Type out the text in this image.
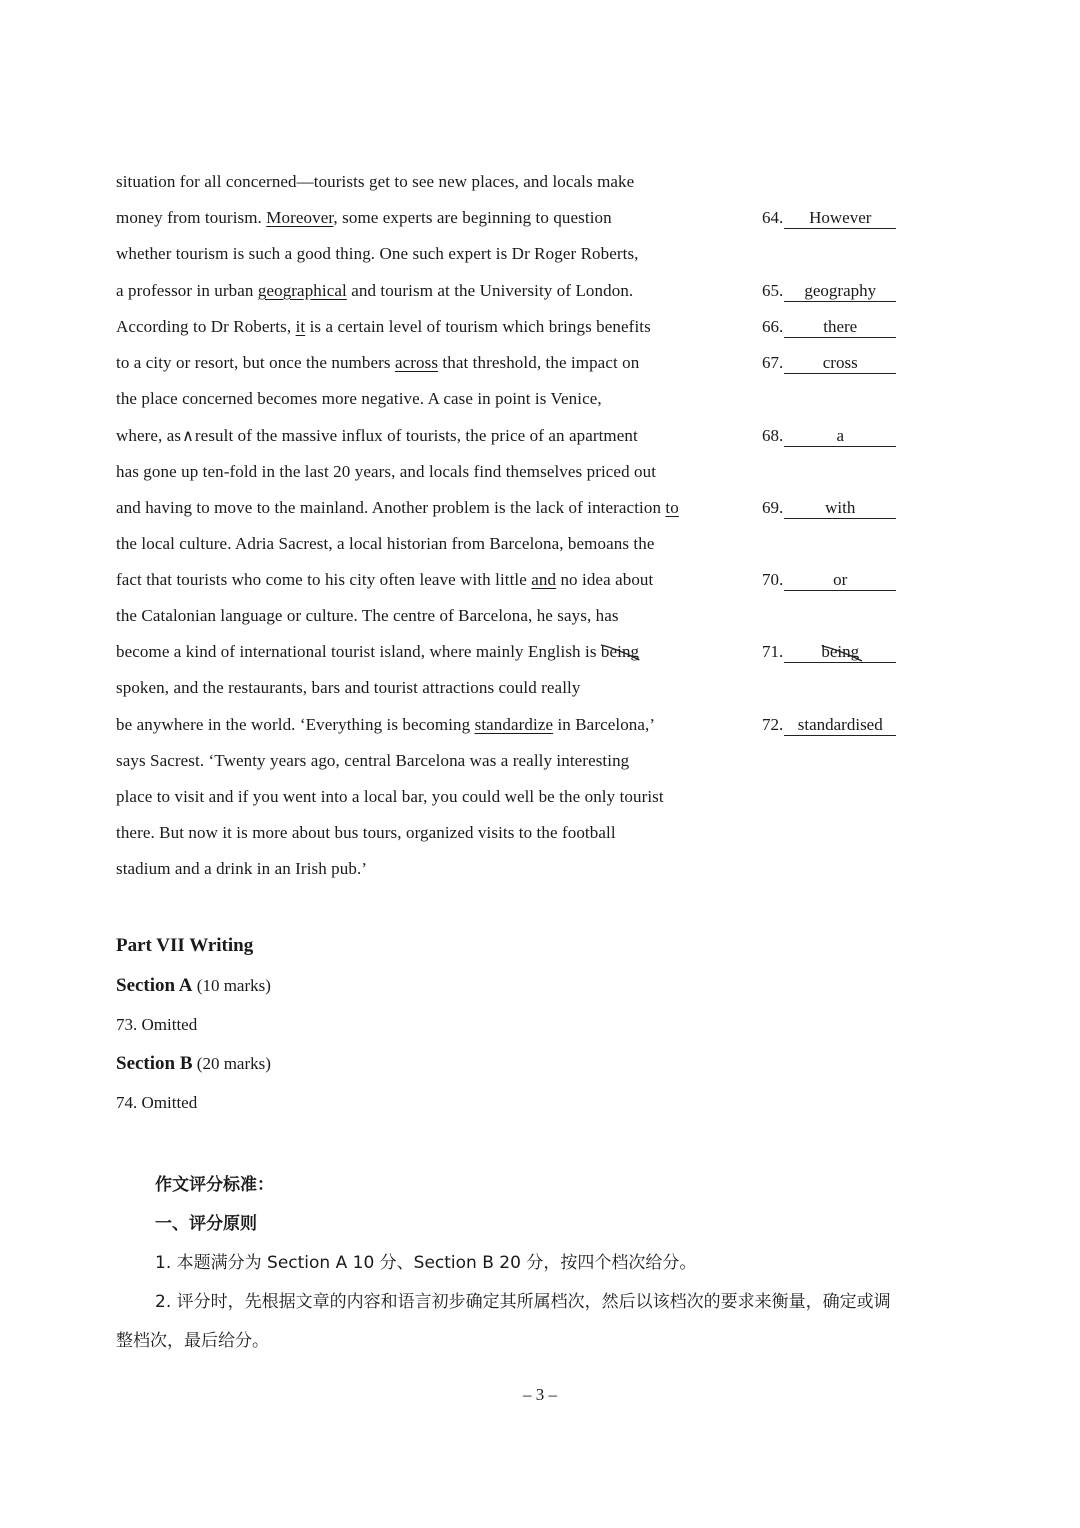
situation for all concerned—tourists get to see new places, and locals make
money from tourism. Moreover, some experts are beginning to question
whether tourism is such a good thing. One such expert is Dr Roger Roberts,
a professor in urban geographical and tourism at the University of London.
According to Dr Roberts, it is a certain level of tourism which brings benefits
to a city or resort, but once the numbers across that threshold, the impact on
the place concerned becomes more negative. A case in point is Venice,
where, as∧result of the massive influx of tourists, the price of an apartment
has gone up ten-fold in the last 20 years, and locals find themselves priced out
and having to move to the mainland. Another problem is the lack of interaction to
the local culture. Adria Sacrest, a local historian from Barcelona, bemoans the
fact that tourists who come to his city often leave with little and no idea about
the Catalonian language or culture. The centre of Barcelona, he says, has
become a kind of international tourist island, where mainly English is being
spoken, and the restaurants, bars and tourist attractions could really
be anywhere in the world. ‘Everything is becoming standardize in Barcelona,’
says Sacrest. ‘Twenty years ago, central Barcelona was a really interesting
place to visit and if you went into a local bar, you could well be the only tourist
there. But now it is more about bus tours, organized visits to the football
stadium and a drink in an Irish pub.’
64. However
65. geography
66. there
67. cross
68.	a
69. with
70.	or
71. being
72. standardised
Part VII Writing
Section A (10 marks)
73. Omitted
Section B (20 marks)
74. Omitted
作文评分标准：
一、评分原则
1. 本题满分为 Section A 10 分、Section B 20 分，按四个档次给分。
2. 评分时，先根据文章的内容和语言初步确定其所属档次，然后以该档次的要求来衡量，确定或调
整档次，最后给分。
– 3 –
